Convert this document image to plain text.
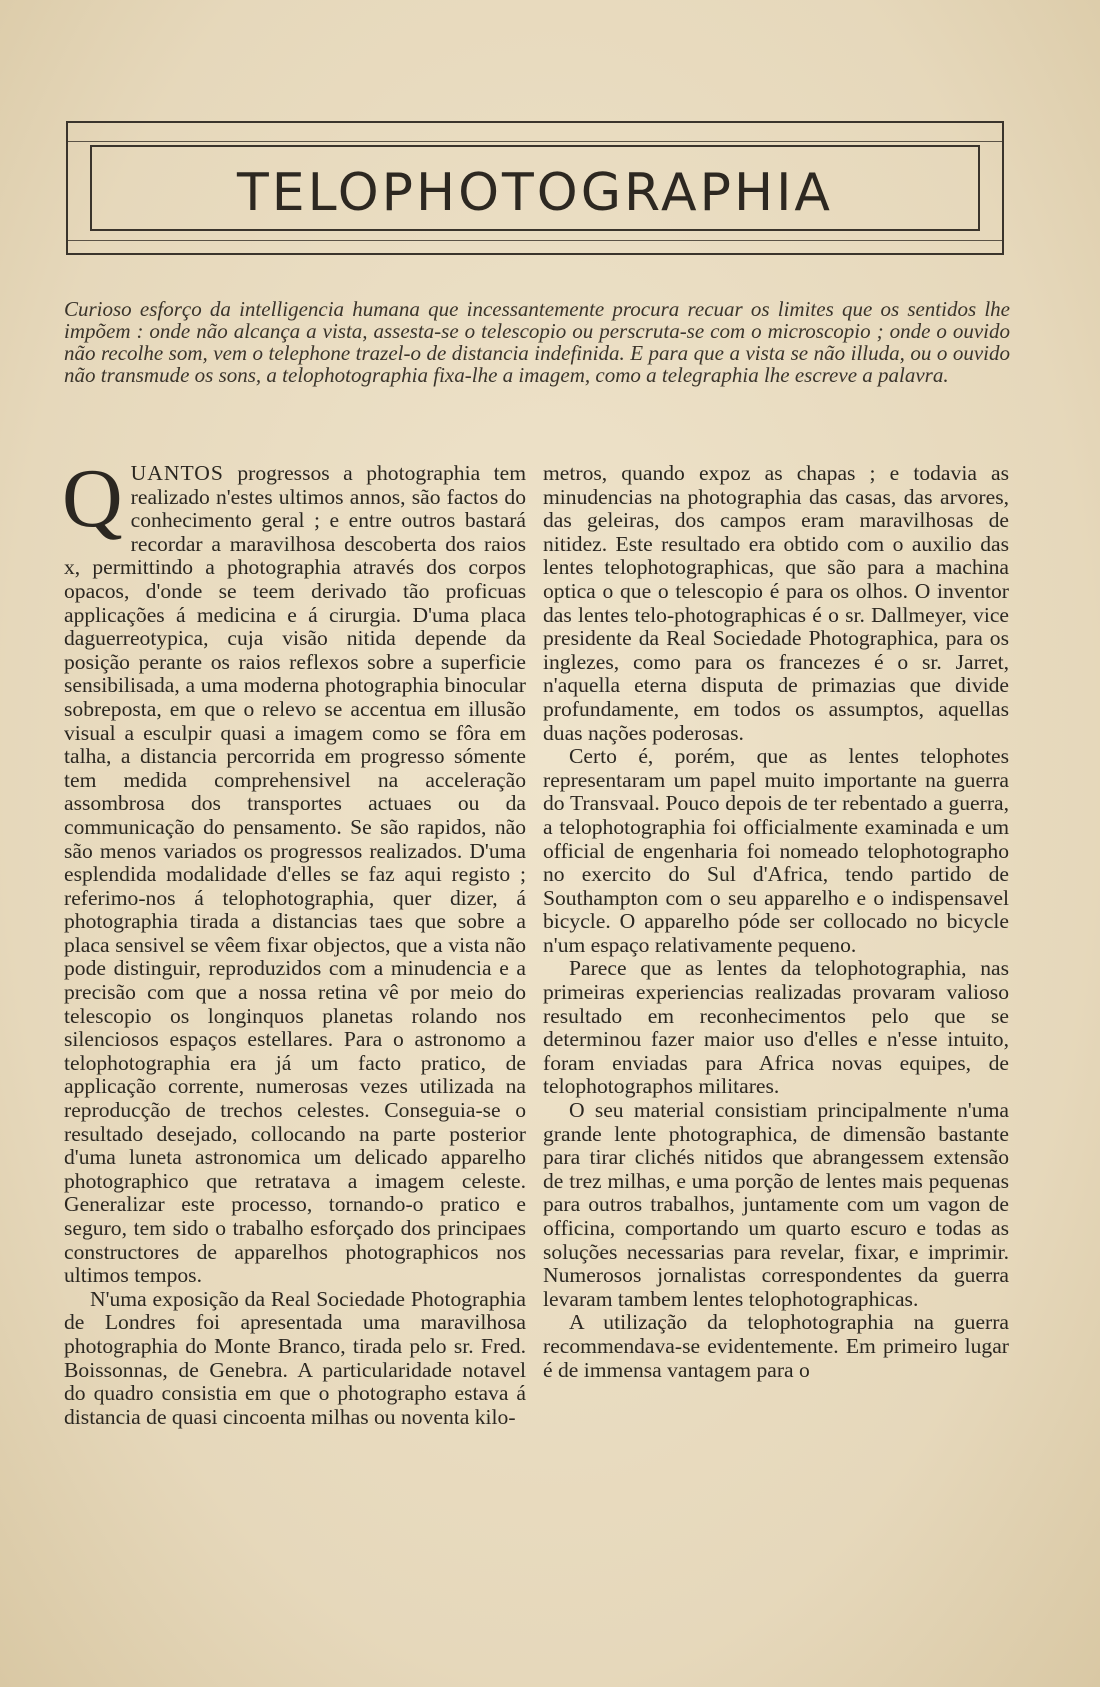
TELOPHOTOGRAPHIA
Curioso esforço da intelligencia humana que incessantemente procura recuar os limites que os sentidos lhe impõem : onde não alcança a vista, assesta-se o telescopio ou perscruta-se com o microscopio ; onde o ouvido não recolhe som, vem o telephone trazel-o de distancia indefinida. E para que a vista se não illuda, ou o ouvido não transmude os sons, a telophotographia fixa-lhe a imagem, como a telegraphia lhe escreve a palavra.

QUANTOS progressos a photographia tem realizado n'estes ultimos annos, são factos do conhecimento geral ; e entre outros bastará recordar a maravilhosa descoberta dos raios x, permittindo a photographia através dos corpos opacos, d'onde se teem derivado tão proficuas applicações á medicina e á cirurgia. D'uma placa daguerreotypica, cuja visão nitida depende da posição perante os raios reflexos sobre a superficie sensibilisada, a uma moderna photographia binocular sobreposta, em que o relevo se accentua em illusão visual a esculpir quasi a imagem como se fôra em talha, a distancia percorrida em progresso sómente tem medida comprehensivel na acceleração assombrosa dos transportes actuaes ou da communicação do pensamento. Se são rapidos, não são menos variados os progressos realizados. D'uma esplendida modalidade d'elles se faz aqui registo ; referimo-nos á telophotographia, quer dizer, á photographia tirada a distancias taes que sobre a placa sensivel se vêem fixar objectos, que a vista não pode distinguir, reproduzidos com a minudencia e a precisão com que a nossa retina vê por meio do telescopio os longinquos planetas rolando nos silenciosos espaços estellares. Para o astronomo a telophotographia era já um facto pratico, de applicação corrente, numerosas vezes utilizada na reproducção de trechos celestes. Conseguia-se o resultado desejado, collocando na parte posterior d'uma luneta astronomica um delicado apparelho photographico que retratava a imagem celeste. Generalizar este processo, tornando-o pratico e seguro, tem sido o trabalho esforçado dos principaes constructores de apparelhos photographicos nos ultimos tempos.

N'uma exposição da Real Sociedade Photographia de Londres foi apresentada uma maravilhosa photographia do Monte Branco, tirada pelo sr. Fred. Boissonnas, de Genebra. A particularidade notavel do quadro consistia em que o photographo estava á distancia de quasi cincoenta milhas ou noventa kilo-

metros, quando expoz as chapas ; e todavia as minudencias na photographia das casas, das arvores, das geleiras, dos campos eram maravilhosas de nitidez. Este resultado era obtido com o auxilio das lentes telophotographicas, que são para a machina optica o que o telescopio é para os olhos. O inventor das lentes telo-photographicas é o sr. Dallmeyer, vice presidente da Real Sociedade Photographica, para os inglezes, como para os francezes é o sr. Jarret, n'aquella eterna disputa de primazias que divide profundamente, em todos os assumptos, aquellas duas nações poderosas.

Certo é, porém, que as lentes telophotes representaram um papel muito importante na guerra do Transvaal. Pouco depois de ter rebentado a guerra, a telophotographia foi officialmente examinada e um official de engenharia foi nomeado telophotographo no exercito do Sul d'Africa, tendo partido de Southampton com o seu apparelho e o indispensavel bicycle. O apparelho póde ser collocado no bicycle n'um espaço relativamente pequeno.

Parece que as lentes da telophotographia, nas primeiras experiencias realizadas provaram valioso resultado em reconhecimentos pelo que se determinou fazer maior uso d'elles e n'esse intuito, foram enviadas para Africa novas equipes, de telophotographos militares.

O seu material consistiam principalmente n'uma grande lente photographica, de dimensão bastante para tirar clichés nitidos que abrangessem extensão de trez milhas, e uma porção de lentes mais pequenas para outros trabalhos, juntamente com um vagon de officina, comportando um quarto escuro e todas as soluções necessarias para revelar, fixar, e imprimir. Numerosos jornalistas correspondentes da guerra levaram tambem lentes telophotographicas.

A utilização da telophotographia na guerra recommendava-se evidentemente. Em primeiro lugar é de immensa vantagem para o
